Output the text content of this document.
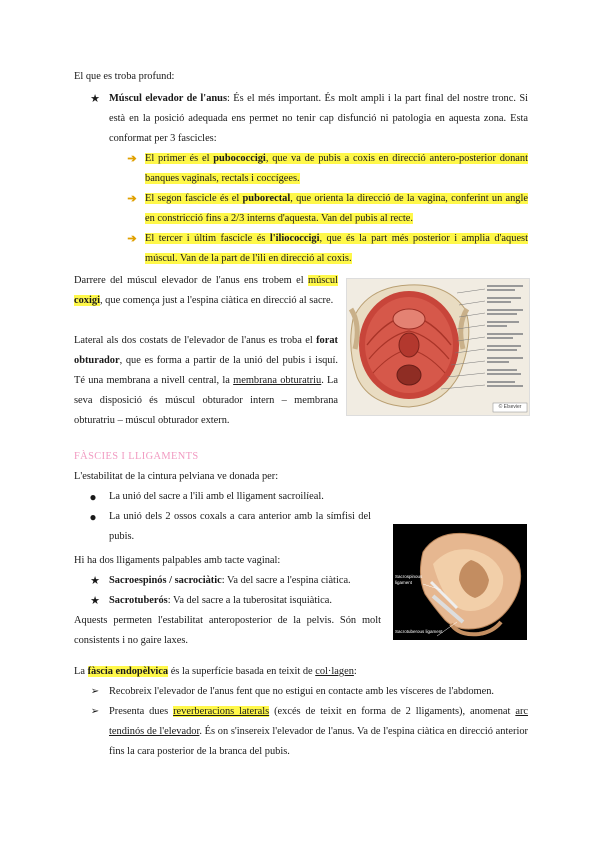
El que es troba profund:
★ Múscul elevador de l'anus: És el més important. És molt ampli i la part final del nostre tronc. Si està en la posició adequada ens permet no tenir cap disfunció ni patologia en aquesta zona. Esta conformat per 3 fascicles:
➔ El primer és el pubococcigi, que va de pubis a coxis en direcció antero-posterior donant banques vaginals, rectals i coccígees.
➔ El segon fascicle és el puborectal, que orienta la direcció de la vagina, conferint un angle en constricció fins a 2/3 interns d'aquesta. Van del pubis al recte.
➔ El tercer i últim fascicle és l'iliococcigi, que és la part més posterior i amplia d'aquest múscul. Van de la part de l'ili en direcció al coxis.
Darrere del múscul elevador de l'anus ens trobem el múscul coxigi, que comença just a l'espina ciàtica en direcció al sacre.
Lateral als dos costats de l'elevador de l'anus es troba el forat obturador, que es forma a partir de la unió del pubis i isquí. Té una membrana a nivell central, la membrana obturatriu. La seva disposició és múscul obturador intern – membrana obturatriu – múscul obturador extern.
© Elsevier
FÀSCIES I LLIGAMENTS
L'estabilitat de la cintura pelviana ve donada per:
● La unió del sacre a l'ili amb el lligament sacroilíeal.
● La unió dels 2 ossos coxals a cara anterior amb la símfisi del pubis.
Hi ha dos lligaments palpables amb tacte vaginal:
★ Sacroespinós / sacrociàtic: Va del sacre a l'espina ciàtica.
★ Sacrotuberós: Va del sacre a la tuberositat isquiàtica.
Aquests permeten l'estabilitat anteroposterior de la pelvis. Són molt consistents i no gaire laxes.
Sacrospinous
ligament
Sacrotuberous ligament
La fàscia endopèlvica és la superfície basada en teixit de col·lagen:
➢ Recobreix l'elevador de l'anus fent que no estigui en contacte amb les vísceres de l'abdomen.
➢ Presenta dues reverberacions laterals (excés de teixit en forma de 2 lligaments), anomenat arc tendinós de l'elevador. És on s'insereix l'elevador de l'anus. Va de l'espina ciàtica en direcció anterior fins la cara posterior de la branca del pubis.
